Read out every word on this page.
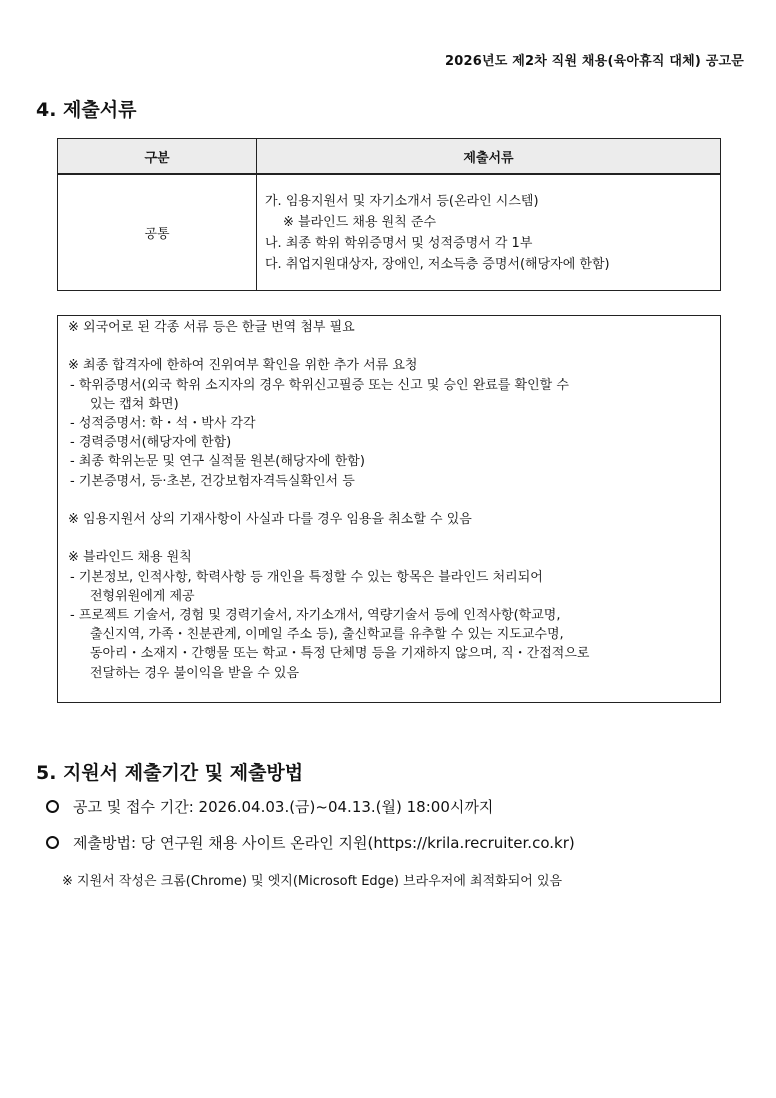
2026년도 제2차 직원 채용(육아휴직 대체) 공고문
4. 제출서류
구분	제출서류
공통	가. 임용지원서 및 자기소개서 등(온라인 시스템)
※ 블라인드 채용 원칙 준수
나. 최종 학위 학위증명서 및 성적증명서 각 1부
다. 취업지원대상자, 장애인, 저소득층 증명서(해당자에 한함)
※ 외국어로 된 각종 서류 등은 한글 번역 첨부 필요
※ 최종 합격자에 한하여 진위여부 확인을 위한 추가 서류 요청
- 학위증명서(외국 학위 소지자의 경우 학위신고필증 또는 신고 및 승인 완료를 확인할 수
있는 캡쳐 화면)
- 성적증명서: 학・석・박사 각각
- 경력증명서(해당자에 한함)
- 최종 학위논문 및 연구 실적물 원본(해당자에 한함)
- 기본증명서, 등·초본, 건강보험자격득실확인서 등
※ 임용지원서 상의 기재사항이 사실과 다를 경우 임용을 취소할 수 있음
※ 블라인드 채용 원칙
- 기본정보, 인적사항, 학력사항 등 개인을 특정할 수 있는 항목은 블라인드 처리되어
전형위원에게 제공
- 프로젝트 기술서, 경험 및 경력기술서, 자기소개서, 역량기술서 등에 인적사항(학교명,
출신지역, 가족・친분관계, 이메일 주소 등), 출신학교를 유추할 수 있는 지도교수명,
동아리・소재지・간행물 또는 학교・특정 단체명 등을 기재하지 않으며, 직・간접적으로
전달하는 경우 불이익을 받을 수 있음
5. 지원서 제출기간 및 제출방법
공고 및 접수 기간: 2026.04.03.(금)~04.13.(월) 18:00시까지
제출방법: 당 연구원 채용 사이트 온라인 지원(https://krila.recruiter.co.kr)
※ 지원서 작성은 크롬(Chrome) 및 엣지(Microsoft Edge) 브라우저에 최적화되어 있음
